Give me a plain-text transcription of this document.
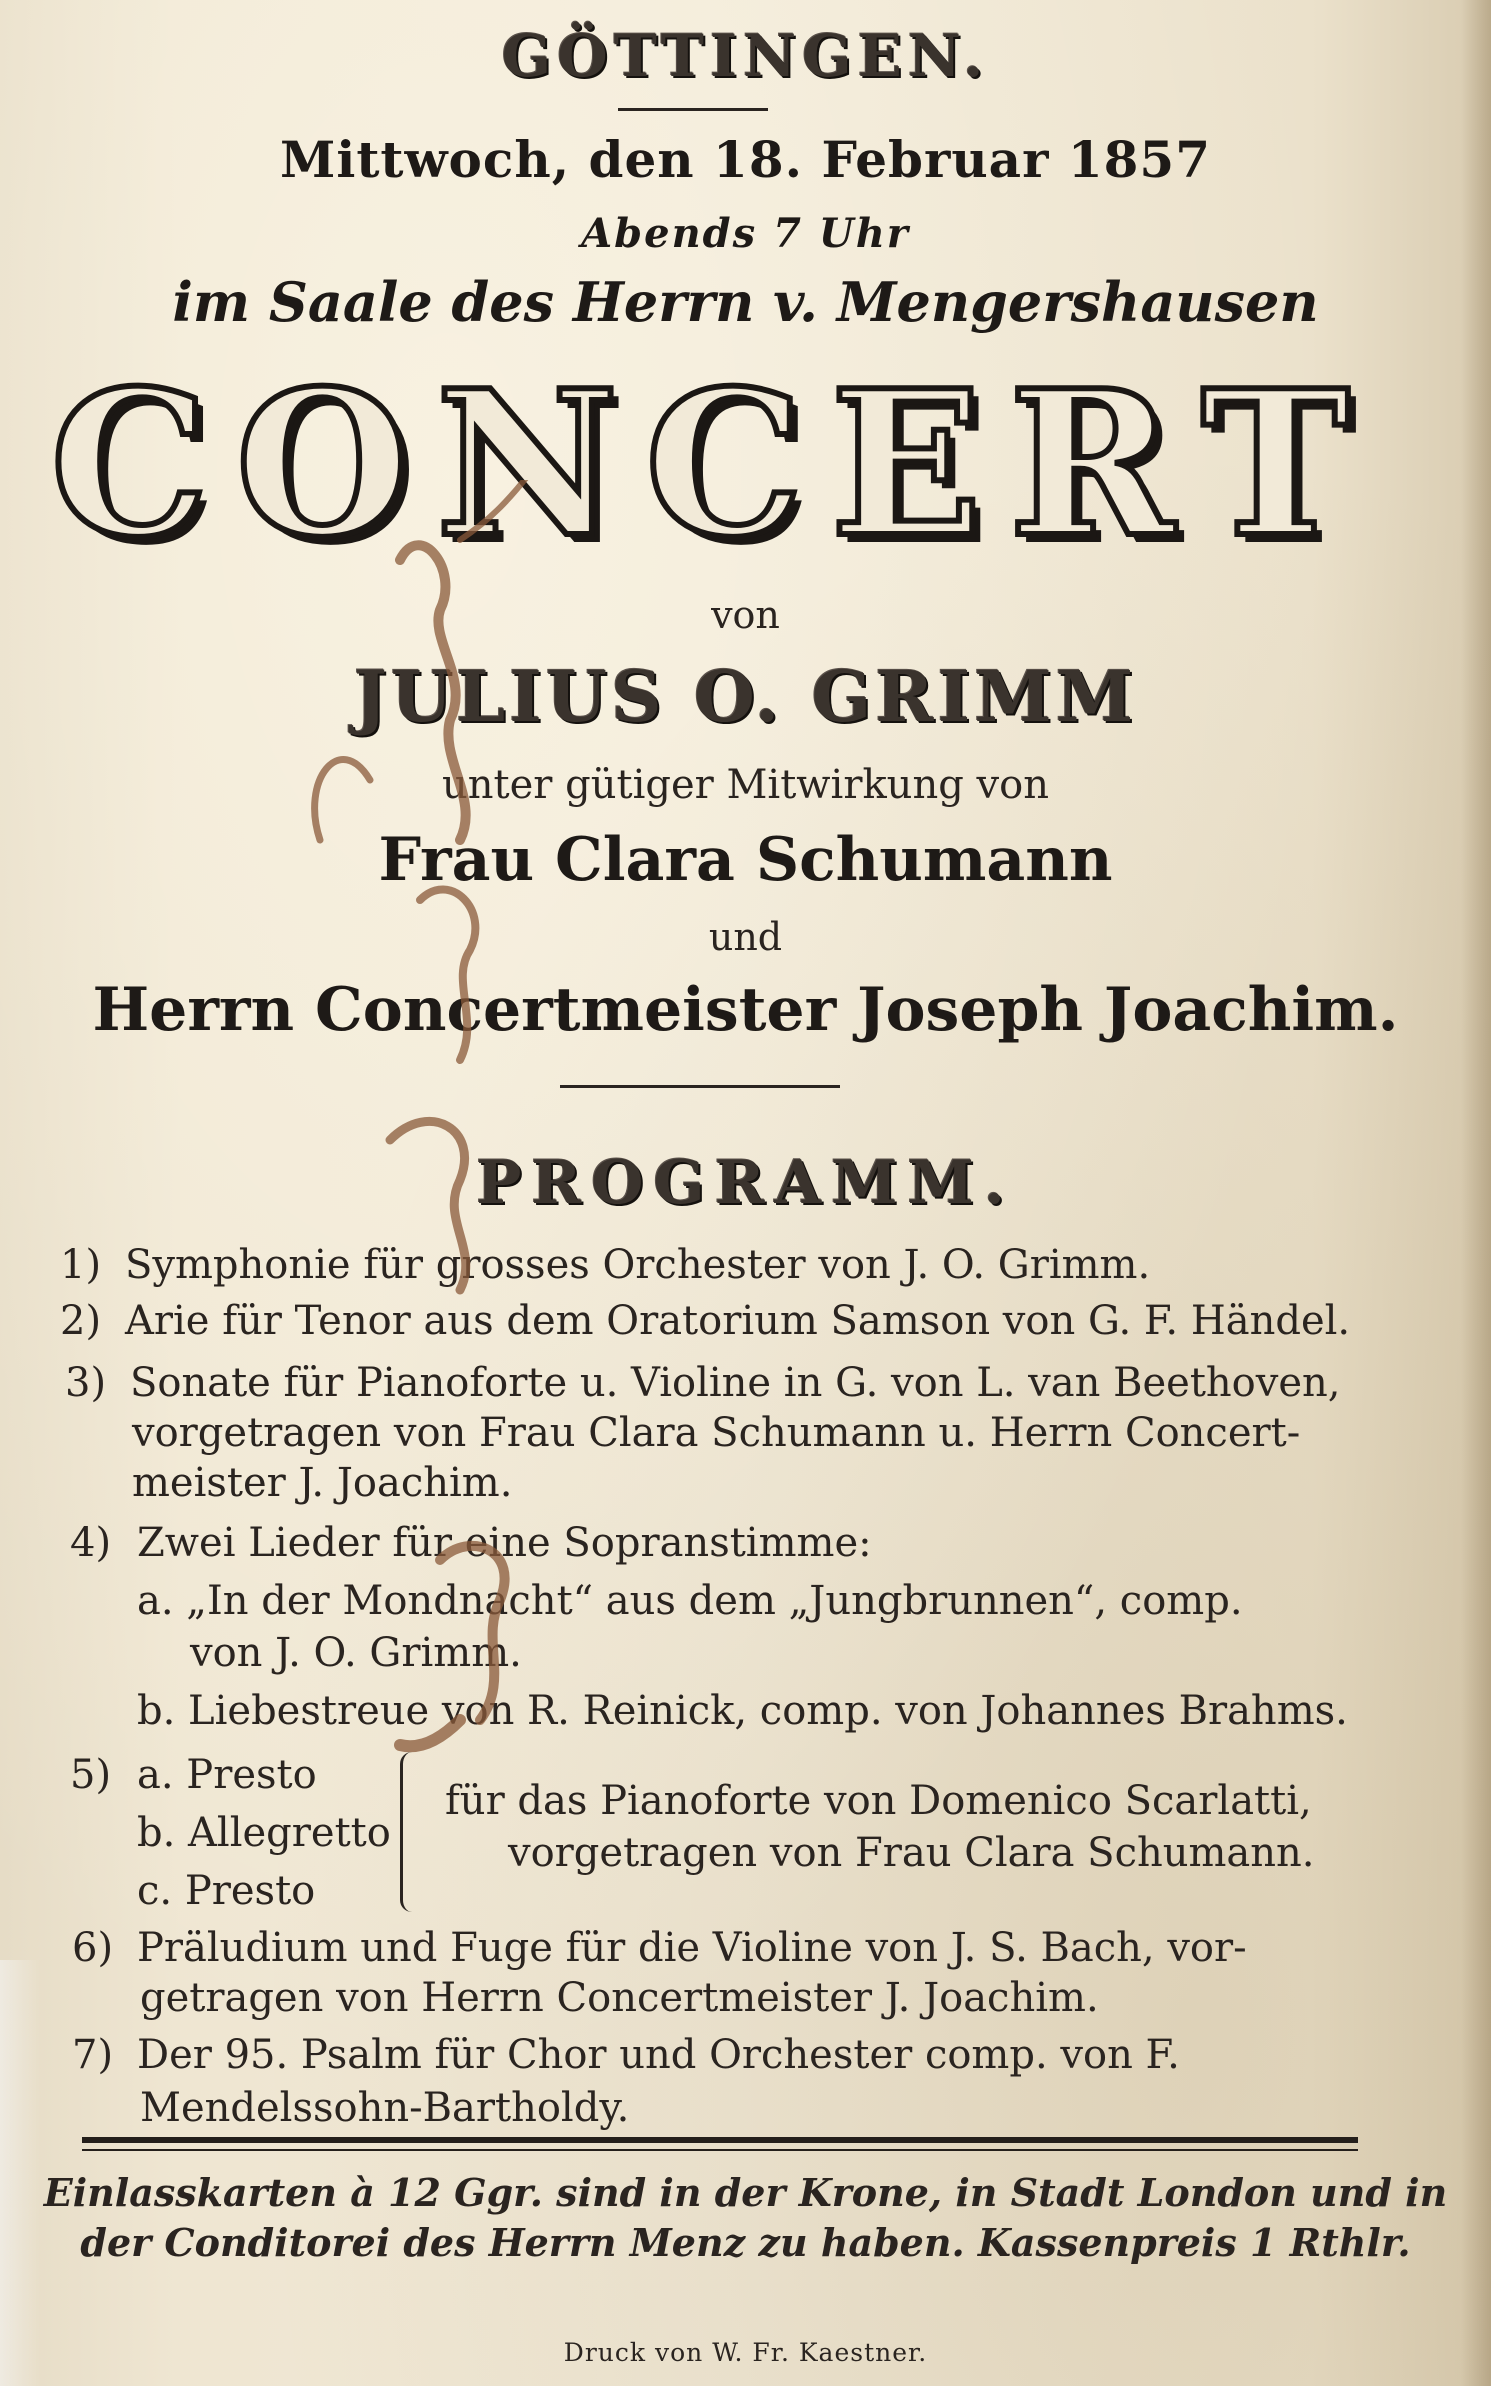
GÖTTINGEN.
Mittwoch, den 18. Februar 1857
Abends 7 Uhr
im Saale des Herrn v. Mengershausen
C O N C E R T
von
JULIUS O. GRIMM
unter gütiger Mitwirkung von
Frau Clara Schumann
und
Herrn Concertmeister Joseph Joachim.
PROGRAMM.
1) Symphonie für grosses Orchester von J. O. Grimm.
2) Arie für Tenor aus dem Oratorium Samson von G. F. Händel.
3) Sonate für Pianoforte u. Violine in G. von L. van Beethoven,
vorgetragen von Frau Clara Schumann u. Herrn Concert-
meister J. Joachim.
4) Zwei Lieder für eine Sopranstimme:
a. „In der Mondnacht“ aus dem „Jungbrunnen“, comp.
von J. O. Grimm.
b. Liebestreue von R. Reinick, comp. von Johannes Brahms.
5) a. Presto
b. Allegretto
c. Presto
für das Pianoforte von Domenico Scarlatti,
vorgetragen von Frau Clara Schumann.
6) Präludium und Fuge für die Violine von J. S. Bach, vor-
getragen von Herrn Concertmeister J. Joachim.
7) Der 95. Psalm für Chor und Orchester comp. von F.
Mendelssohn-Bartholdy.
Einlasskarten à 12 Ggr. sind in der Krone, in Stadt London und in
der Conditorei des Herrn Menz zu haben. Kassenpreis 1 Rthlr.
Druck von W. Fr. Kaestner.
